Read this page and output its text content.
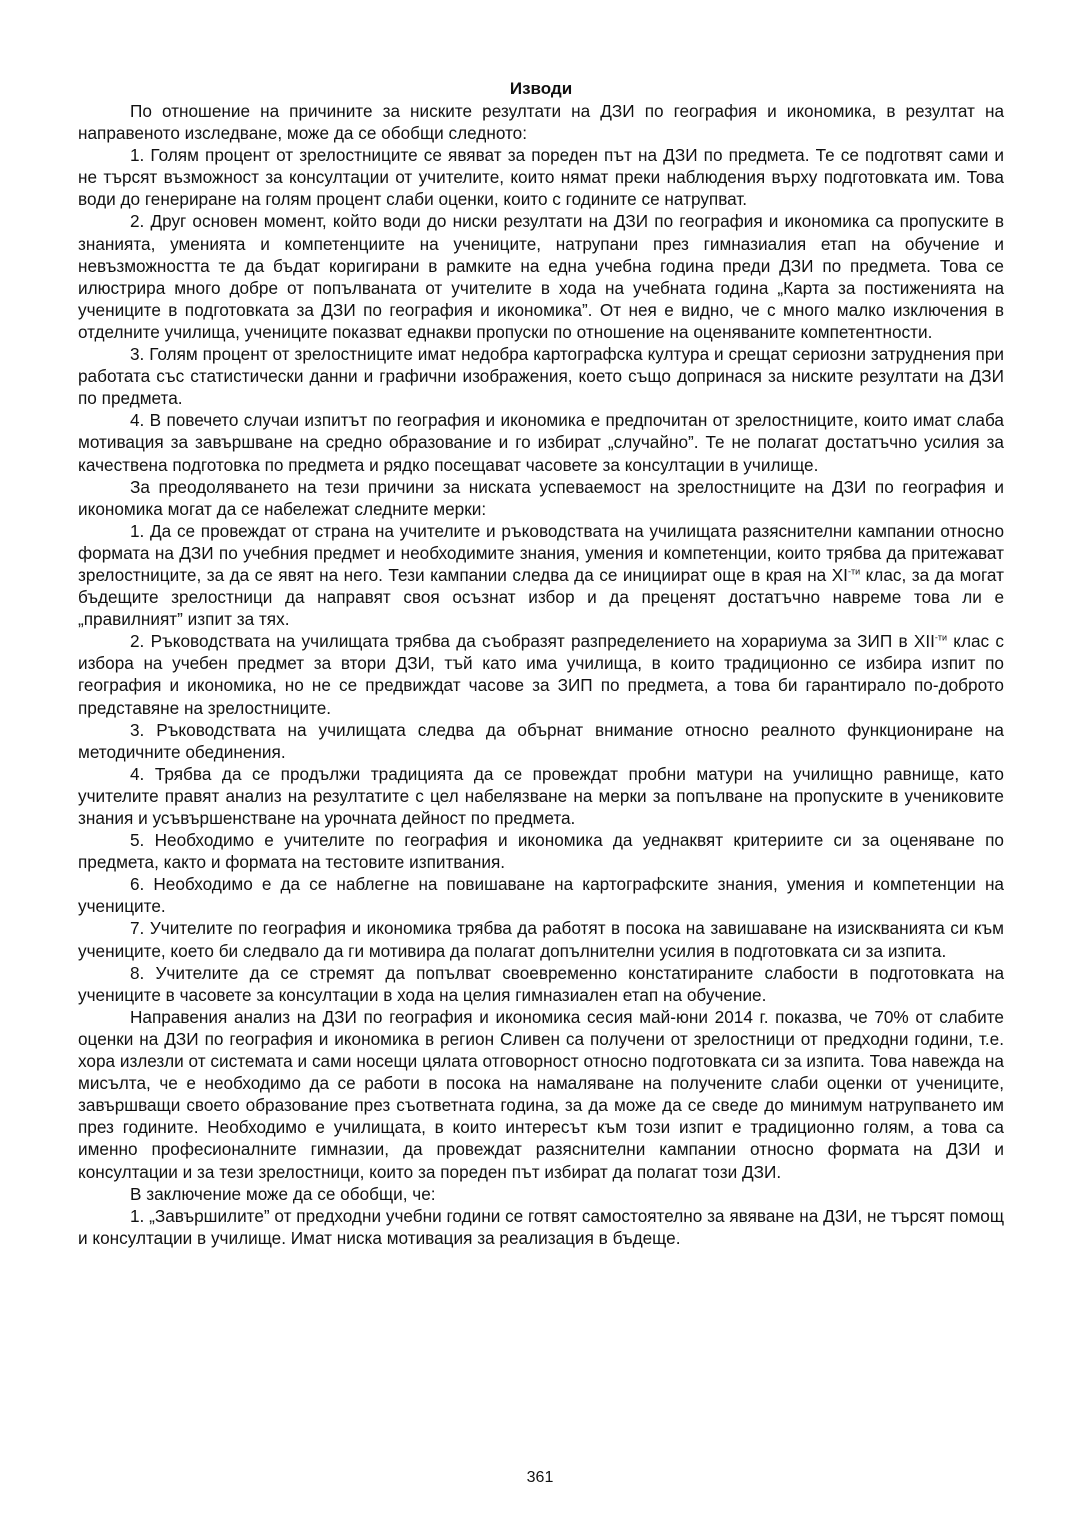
Изводи

По отношение на причините за ниските резултати на ДЗИ по география и икономика, в резултат на направеното изследване, може да се обобщи следното:

1. Голям процент от зрелостниците се явяват за пореден път на ДЗИ по предмета. Те се подготвят сами и не търсят възможност за консултации от учителите, които нямат преки наблюдения върху подготовката им. Това води до генериране на голям процент слаби оценки, които с годините се натрупват.

2. Друг основен момент, който води до ниски резултати на ДЗИ по география и икономика са пропуските в знанията, уменията и компетенциите на учениците, натрупани през гимназиалия етап на обучение и невъзможността те да бъдат коригирани в рамките на една учебна година преди ДЗИ по предмета. Това се илюстрира много добре от попълваната от учителите в хода на учебната година „Карта за постиженията на учениците в подготовката за ДЗИ по география и икономика”. От нея е видно, че с много малко изключения в отделните училища, учениците показват еднакви пропуски по отношение на оценяваните компетентности.

3. Голям процент от зрелостниците имат недобра картографска култура и срещат сериозни затруднения при работата със статистически данни и графични изображения, което също допринася за ниските резултати на ДЗИ по предмета.

4. В повечето случаи изпитът по география и икономика е предпочитан от зрелостниците, които имат слаба мотивация за завършване на средно образование и го избират „случайно”. Те не полагат достатъчно усилия за качествена подготовка по предмета и рядко посещават часовете за консултации в училище.

За преодоляването на тези причини за ниската успеваемост на зрелостниците на ДЗИ по география и икономика могат да се набележат следните мерки:

1. Да се провеждат от страна на учителите и ръководствата на училищата разяснителни кампании относно формата на ДЗИ по учебния предмет и необходимите знания, умения и компетенции, които трябва да притежават зрелостниците, за да се явят на него. Тези кампании следва да се инициират още в края на $XI^{-ти}$ клас, за да могат бъдещите зрелостници да направят своя осъзнат избор и да преценят достатъчно навреме това ли е „правилният” изпит за тях.

2. Ръководствата на училищата трябва да съобразят разпределението на хорариума за ЗИП в $XII^{-ти}$ клас с избора на учебен предмет за втори ДЗИ, тъй като има училища, в които традиционно се избира изпит по география и икономика, но не се предвиждат часове за ЗИП по предмета, а това би гарантирало по-доброто представяне на зрелостниците.

3. Ръководствата на училищата следва да обърнат внимание относно реалното функциониране на методичните обединения.

4. Трябва да се продължи традицията да се провеждат пробни матури на училищно равнище, като учителите правят анализ на резултатите с цел набелязване на мерки за попълване на пропуските в учениковите знания и усъвършенстване на урочната дейност по предмета.

5. Необходимо е учителите по география и икономика да уеднаквят критериите си за оценяване по предмета, както и формата на тестовите изпитвания.

6. Необходимо е да се наблегне на повишаване на картографските знания, умения и компетенции на учениците.

7. Учителите по география и икономика трябва да работят в посока на завишаване на изискванията си към учениците, което би следвало да ги мотивира да полагат допълнителни усилия в подготовката си за изпита.

8. Учителите да се стремят да попълват своевременно констатираните слабости в подготовката на учениците в часовете за консултации в хода на целия гимназиален етап на обучение.

Направения анализ на ДЗИ по география и икономика сесия май-юни 2014 г. показва, че 70% от слабите оценки на ДЗИ по география и икономика в регион Сливен са получени от зрелостници от предходни години, т.е. хора излезли от системата и сами носещи цялата отговорност относно подготовката си за изпита. Това навежда на мисълта, че е необходимо да се работи в посока на намаляване на получените слаби оценки от учениците, завършващи своето образование през съответната година, за да може да се сведе до минимум натрупването им през годините. Необходимо е училищата, в които интересът към този изпит е традиционно голям, а това са именно професионалните гимназии, да провеждат разяснителни кампании относно формата на ДЗИ и консултации и за тези зрелостници, които за пореден път избират да полагат този ДЗИ.

В заключение може да се обобщи, че:

1. „Завършилите” от предходни учебни години се готвят самостоятелно за явяване на ДЗИ, не търсят помощ и консултации в училище. Имат ниска мотивация за реализация в бъдеще.

361
